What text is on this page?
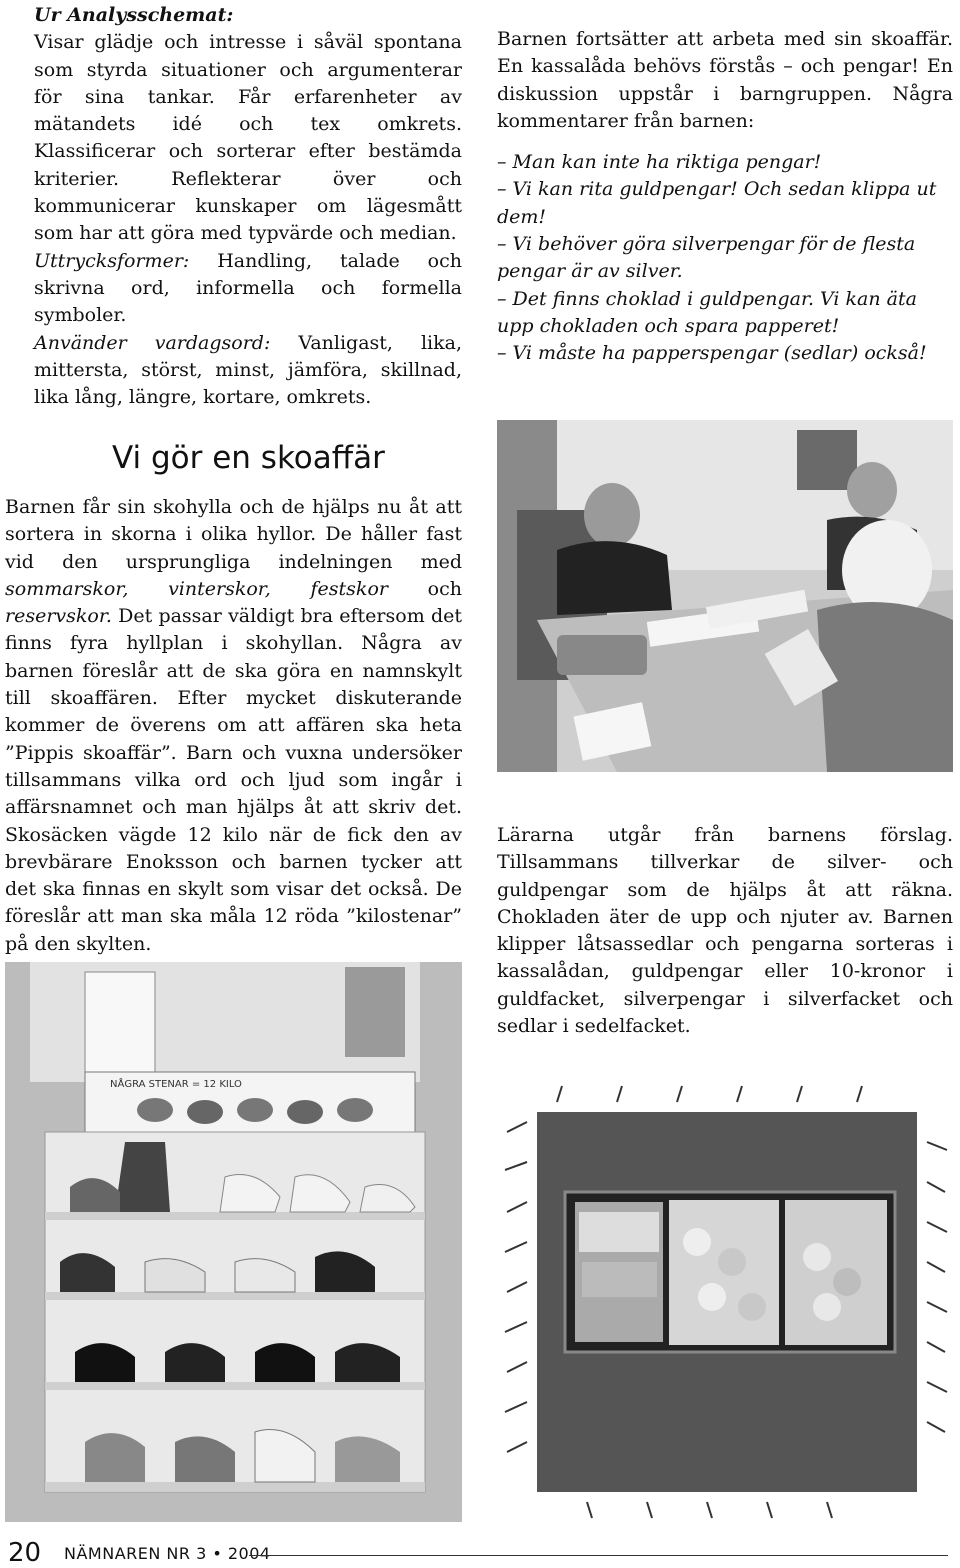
Ur Analysschemat:
Visar glädje och intresse i såväl spontana som styrda situationer och argumenterar för sina tankar. Får erfarenheter av mätandets idé och tex omkrets. Klassificerar och sorterar efter bestämda kriterier. Reflekterar över och kommunicerar kunskaper om lägesmått som har att göra med typvärde och median.

Uttrycksformer: Handling, talade och skrivna ord, informella och formella symboler.

Använder vardagsord: Vanligast, lika, mittersta, störst, minst, jämföra, skillnad, lika lång, längre, kortare, omkrets.

Vi gör en skoaffär

Barnen får sin skohylla och de hjälps nu åt att sortera in skorna i olika hyllor. De håller fast vid den ursprungliga indelningen med sommarskor, vinterskor, festskor och reservskor. Det passar väldigt bra eftersom det finns fyra hyllplan i skohyllan. Några av barnen föreslår att de ska göra en namnskylt till skoaffären. Efter mycket diskuterande kommer de överens om att affären ska heta ”Pippis skoaffär”. Barn och vuxna undersöker tillsammans vilka ord och ljud som ingår i affärsnamnet och man hjälps åt att skriv det. Skosäcken vägde 12 kilo när de fick den av brevbärare Enoksson och barnen tycker att det ska finnas en skylt som visar det också. De föreslår att man ska måla 12 röda ”kilostenar” på den skylten.

Barnen fortsätter att arbeta med sin skoaffär. En kassalåda behövs förstås – och pengar! En diskussion uppstår i barngruppen. Några kommentarer från barnen:

– Man kan inte ha riktiga pengar!

– Vi kan rita guldpengar! Och sedan klippa ut dem!

– Vi behöver göra silverpengar för de flesta pengar är av silver.

– Det finns choklad i guldpengar. Vi kan äta upp chokladen och spara papperet!

– Vi måste ha papperspengar (sedlar) också!

Lärarna utgår från barnens förslag. Tillsammans tillverkar de silver- och guldpengar som de hjälps åt att räkna. Chokladen äter de upp och njuter av. Barnen klipper låtsassedlar och pengarna sorteras i kassalådan, guldpengar eller 10-kronor i guldfacket, silverpengar i silverfacket och sedlar i sedelfacket.

NÅGRA STENAR = 12 KILO
20 NÄMNAREN NR 3 • 2004
